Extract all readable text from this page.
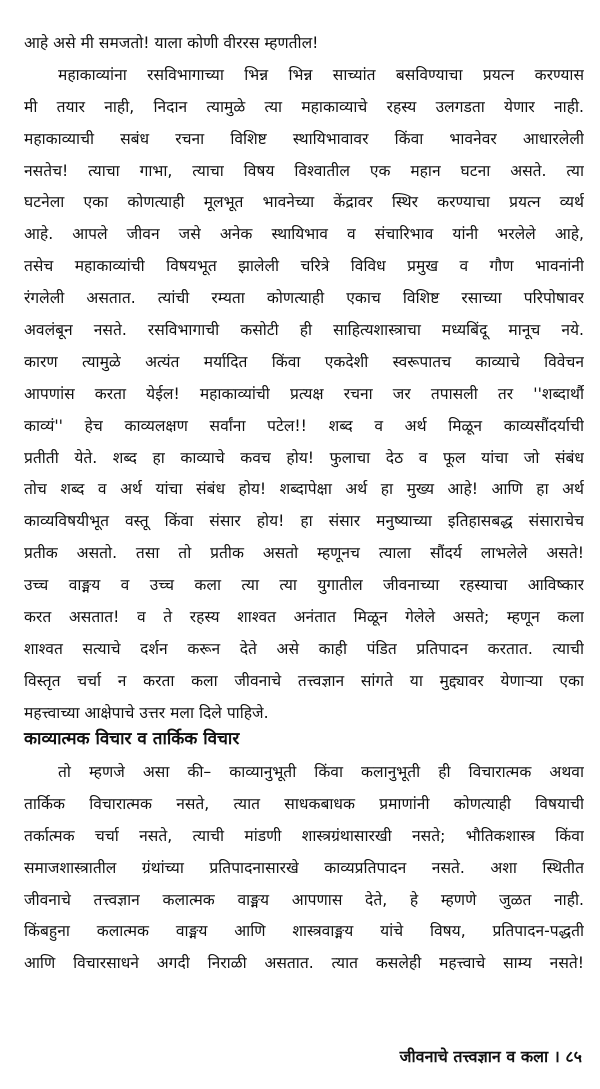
आहे असे मी समजतो! याला कोणी वीररस म्हणतील!
महाकाव्यांना रसविभागाच्या भिन्न भिन्न साच्यांत बसविण्याचा प्रयत्न करण्यास
मी तयार नाही, निदान त्यामुळे त्या महाकाव्याचे रहस्य उलगडता येणार नाही.
महाकाव्याची सबंध रचना विशिष्ट स्थायिभावावर किंवा भावनेवर आधारलेली
नसतेच! त्याचा गाभा, त्याचा विषय विश्वातील एक महान घटना असते. त्या
घटनेला एका कोणत्याही मूलभूत भावनेच्या केंद्रावर स्थिर करण्याचा प्रयत्न व्यर्थ
आहे. आपले जीवन जसे अनेक स्थायिभाव व संचारिभाव यांनी भरलेले आहे,
तसेच महाकाव्यांची विषयभूत झालेली चरित्रे विविध प्रमुख व गौण भावनांनी
रंगलेली असतात. त्यांची रम्यता कोणत्याही एकाच विशिष्ट रसाच्या परिपोषावर
अवलंबून नसते. रसविभागाची कसोटी ही साहित्यशास्त्राचा मध्यबिंदू मानूच नये.
कारण त्यामुळे अत्यंत मर्यादित किंवा एकदेशी स्वरूपातच काव्याचे विवेचन
आपणांस करता येईल! महाकाव्यांची प्रत्यक्ष रचना जर तपासली तर ''शब्दार्थौ
काव्यं'' हेच काव्यलक्षण सर्वांना पटेल!! शब्द व अर्थ मिळून काव्यसौंदर्याची
प्रतीती येते. शब्द हा काव्याचे कवच होय! फुलाचा देठ व फूल यांचा जो संबंध
तोच शब्द व अर्थ यांचा संबंध होय! शब्दापेक्षा अर्थ हा मुख्य आहे! आणि हा अर्थ
काव्यविषयीभूत वस्तू किंवा संसार होय! हा संसार मनुष्याच्या इतिहासबद्ध संसाराचेच
प्रतीक असतो. तसा तो प्रतीक असतो म्हणूनच त्याला सौंदर्य लाभलेले असते!
उच्च वाङ्मय व उच्च कला त्या त्या युगातील जीवनाच्या रहस्याचा आविष्कार
करत असतात! व ते रहस्य शाश्वत अनंतात मिळून गेलेले असते; म्हणून कला
शाश्वत सत्याचे दर्शन करून देते असे काही पंडित प्रतिपादन करतात. त्याची
विस्तृत चर्चा न करता कला जीवनाचे तत्त्वज्ञान सांगते या मुद्द्यावर येणाऱ्या एका
महत्त्वाच्या आक्षेपाचे उत्तर मला दिले पाहिजे.
काव्यात्मक विचार व तार्किक विचार
तो म्हणजे असा की– काव्यानुभूती किंवा कलानुभूती ही विचारात्मक अथवा
तार्किक विचारात्मक नसते, त्यात साधकबाधक प्रमाणांनी कोणत्याही विषयाची
तर्कात्मक चर्चा नसते, त्याची मांडणी शास्त्रग्रंथासारखी नसते; भौतिकशास्त्र किंवा
समाजशास्त्रातील ग्रंथांच्या प्रतिपादनासारखे काव्यप्रतिपादन नसते. अशा स्थितीत
जीवनाचे तत्त्वज्ञान कलात्मक वाङ्मय आपणास देते, हे म्हणणे जुळत नाही.
किंबहुना कलात्मक वाङ्मय आणि शास्त्रवाङ्मय यांचे विषय, प्रतिपादन-पद्धती
आणि विचारसाधने अगदी निराळी असतात. त्यात कसलेही महत्त्वाचे साम्य नसते!
जीवनाचे तत्त्वज्ञान व कला । ८५
